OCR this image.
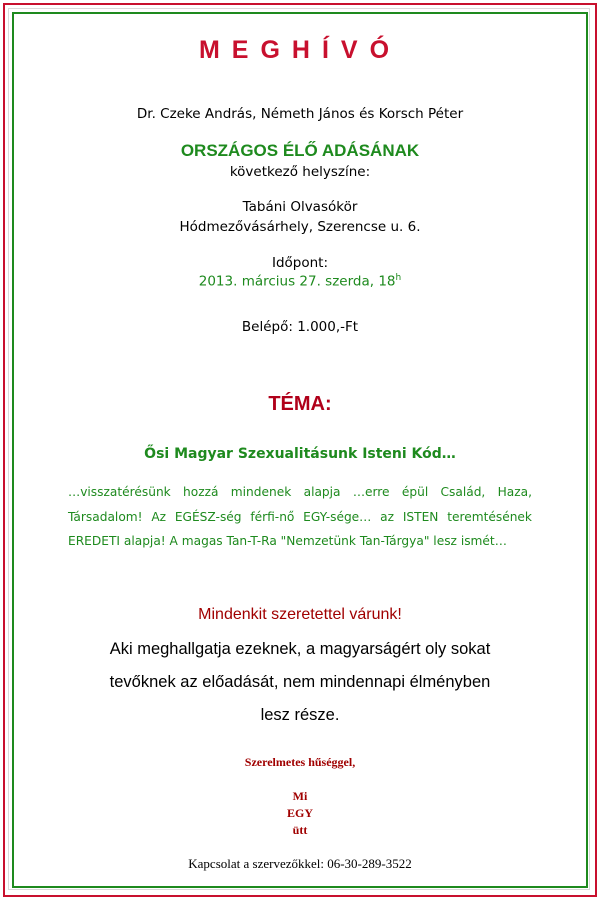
MEGHÍVÓ
Dr. Czeke András, Németh János és Korsch Péter
ORSZÁGOS ÉLŐ ADÁSÁNAK
következő helyszíne:
Tabáni Olvasókör
Hódmezővásárhely, Szerencse u. 6.
Időpont:
2013. március 27. szerda, 18$^h$
Belépő: 1.000,-Ft
TÉMA:
Ősi Magyar Szexualitásunk Isteni Kód…
…visszatérésünk hozzá mindenek alapja …erre épül Család, Haza, Társadalom! Az EGÉSZ-ség férfi-nő EGY-sége… az ISTEN teremtésének EREDETI alapja! A magas Tan-T-Ra "Nemzetünk Tan-Tárgya" lesz ismét…
Mindenkit szeretettel várunk!
Aki meghallgatja ezeknek, a magyarságért oly sokat
tevőknek az előadását, nem mindennapi élményben
lesz része.
Szerelmetes hűséggel,
Mi
EGY
ütt
Kapcsolat a szervezőkkel: 06-30-289-3522
